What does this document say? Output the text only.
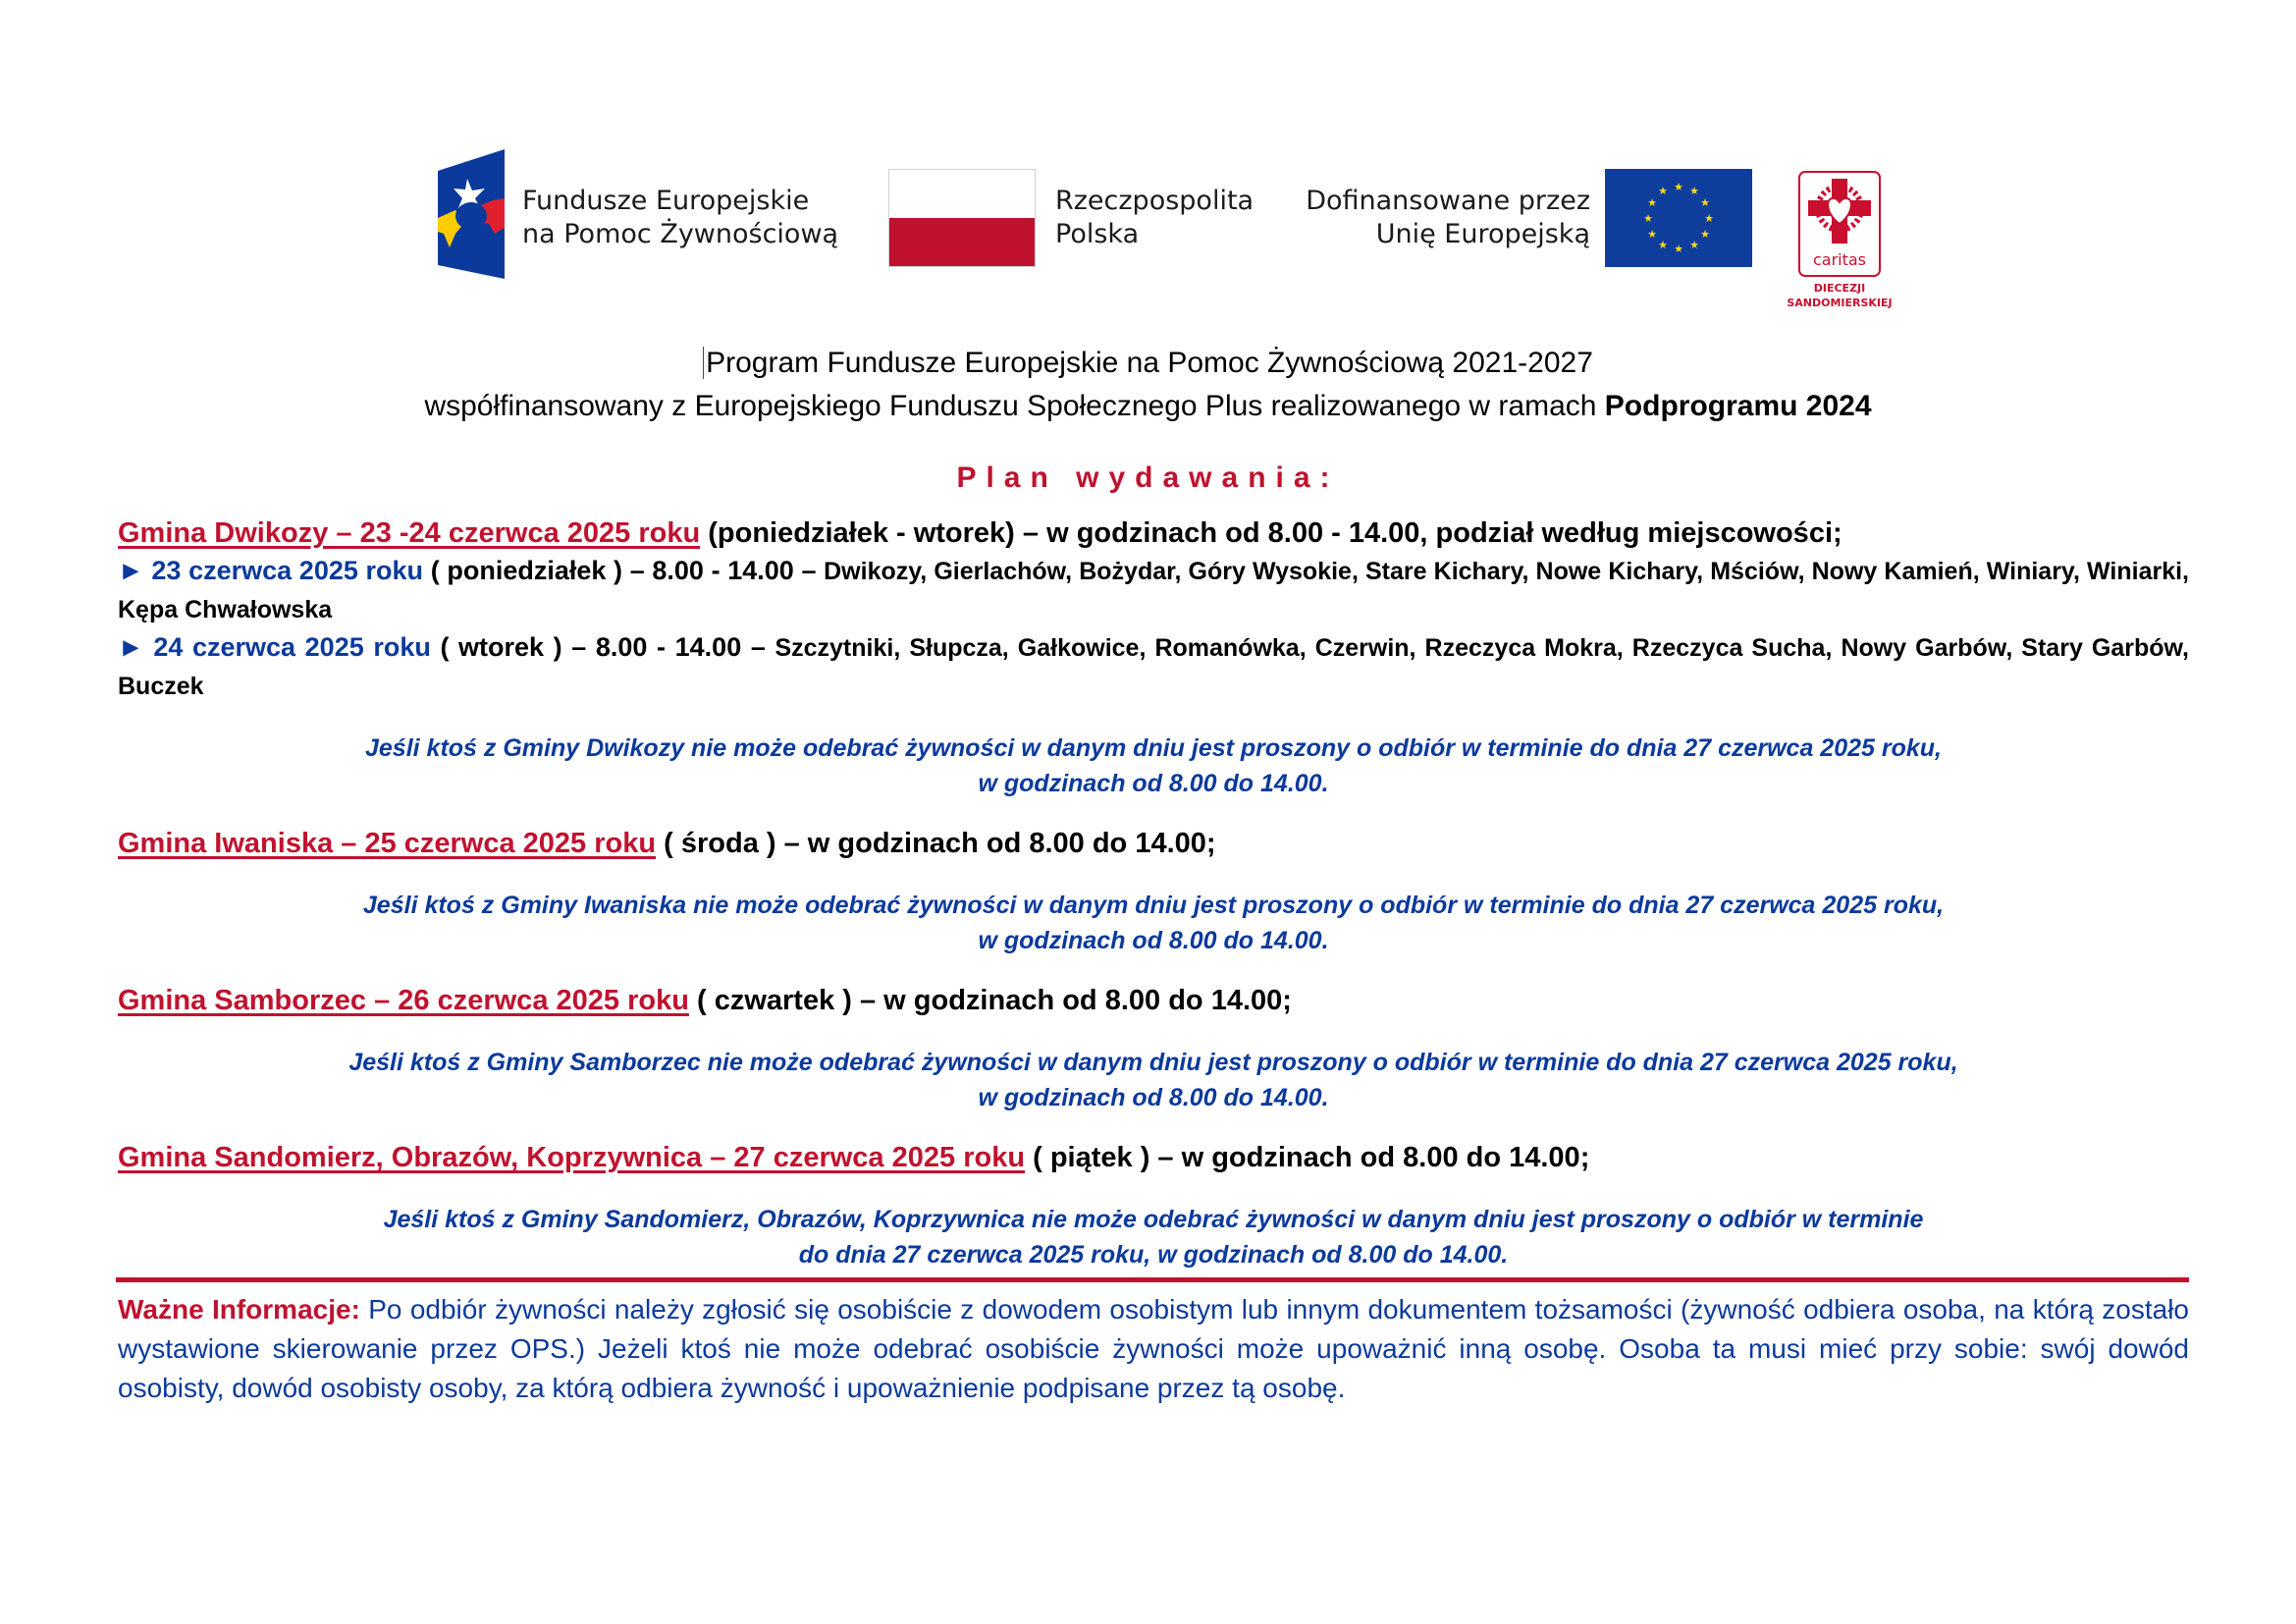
Fundusze Europejskie
na Pomoc Żywnościową
Rzeczpospolita
Polska
Dofinansowane przez
Unię Europejską
★ ★
★
★
★
★
★
★
★
★
★
★
caritas
DIECEZJI
SANDOMIERSKIEJ
Program Fundusze Europejskie na Pomoc Żywnościową 2021-2027
współfinansowany z Europejskiego Funduszu Społecznego Plus realizowanego w ramach Podprogramu 2024
Plan wydawania:
Gmina Dwikozy – 23 -24 czerwca 2025 roku (poniedziałek - wtorek) – w godzinach od 8.00 - 14.00, podział według miejscowości;
► 23 czerwca 2025 roku ( poniedziałek ) – 8.00 - 14.00 – Dwikozy, Gierlachów, Bożydar, Góry Wysokie, Stare Kichary, Nowe Kichary, Mściów, Nowy Kamień, Winiary, Winiarki, Kępa Chwałowska
► 24 czerwca 2025 roku ( wtorek ) – 8.00 - 14.00 – Szczytniki, Słupcza, Gałkowice, Romanówka, Czerwin, Rzeczyca Mokra, Rzeczyca Sucha, Nowy Garbów, Stary Garbów, Buczek
Jeśli ktoś z Gminy Dwikozy nie może odebrać żywności w danym dniu jest proszony o odbiór w terminie do dnia 27 czerwca 2025 roku,
w godzinach od 8.00 do 14.00.
Gmina Iwaniska – 25 czerwca 2025 roku ( środa ) – w godzinach od 8.00 do 14.00;
Jeśli ktoś z Gminy Iwaniska nie może odebrać żywności w danym dniu jest proszony o odbiór w terminie do dnia 27 czerwca 2025 roku,
w godzinach od 8.00 do 14.00.
Gmina Samborzec – 26 czerwca 2025 roku ( czwartek ) – w godzinach od 8.00 do 14.00;
Jeśli ktoś z Gminy Samborzec nie może odebrać żywności w danym dniu jest proszony o odbiór w terminie do dnia 27 czerwca 2025 roku,
w godzinach od 8.00 do 14.00.
Gmina Sandomierz, Obrazów, Koprzywnica – 27 czerwca 2025 roku ( piątek ) – w godzinach od 8.00 do 14.00;
Jeśli ktoś z Gminy Sandomierz, Obrazów, Koprzywnica nie może odebrać żywności w danym dniu jest proszony o odbiór w terminie
do dnia 27 czerwca 2025 roku, w godzinach od 8.00 do 14.00.
Ważne Informacje: Po odbiór żywności należy zgłosić się osobiście z dowodem osobistym lub innym dokumentem tożsamości (żywność odbiera osoba, na którą zostało wystawione skierowanie przez OPS.) Jeżeli ktoś nie może odebrać osobiście żywności może upoważnić inną osobę. Osoba ta musi mieć przy sobie: swój dowód osobisty, dowód osobisty osoby, za którą odbiera żywność i upoważnienie podpisane przez tą osobę.
